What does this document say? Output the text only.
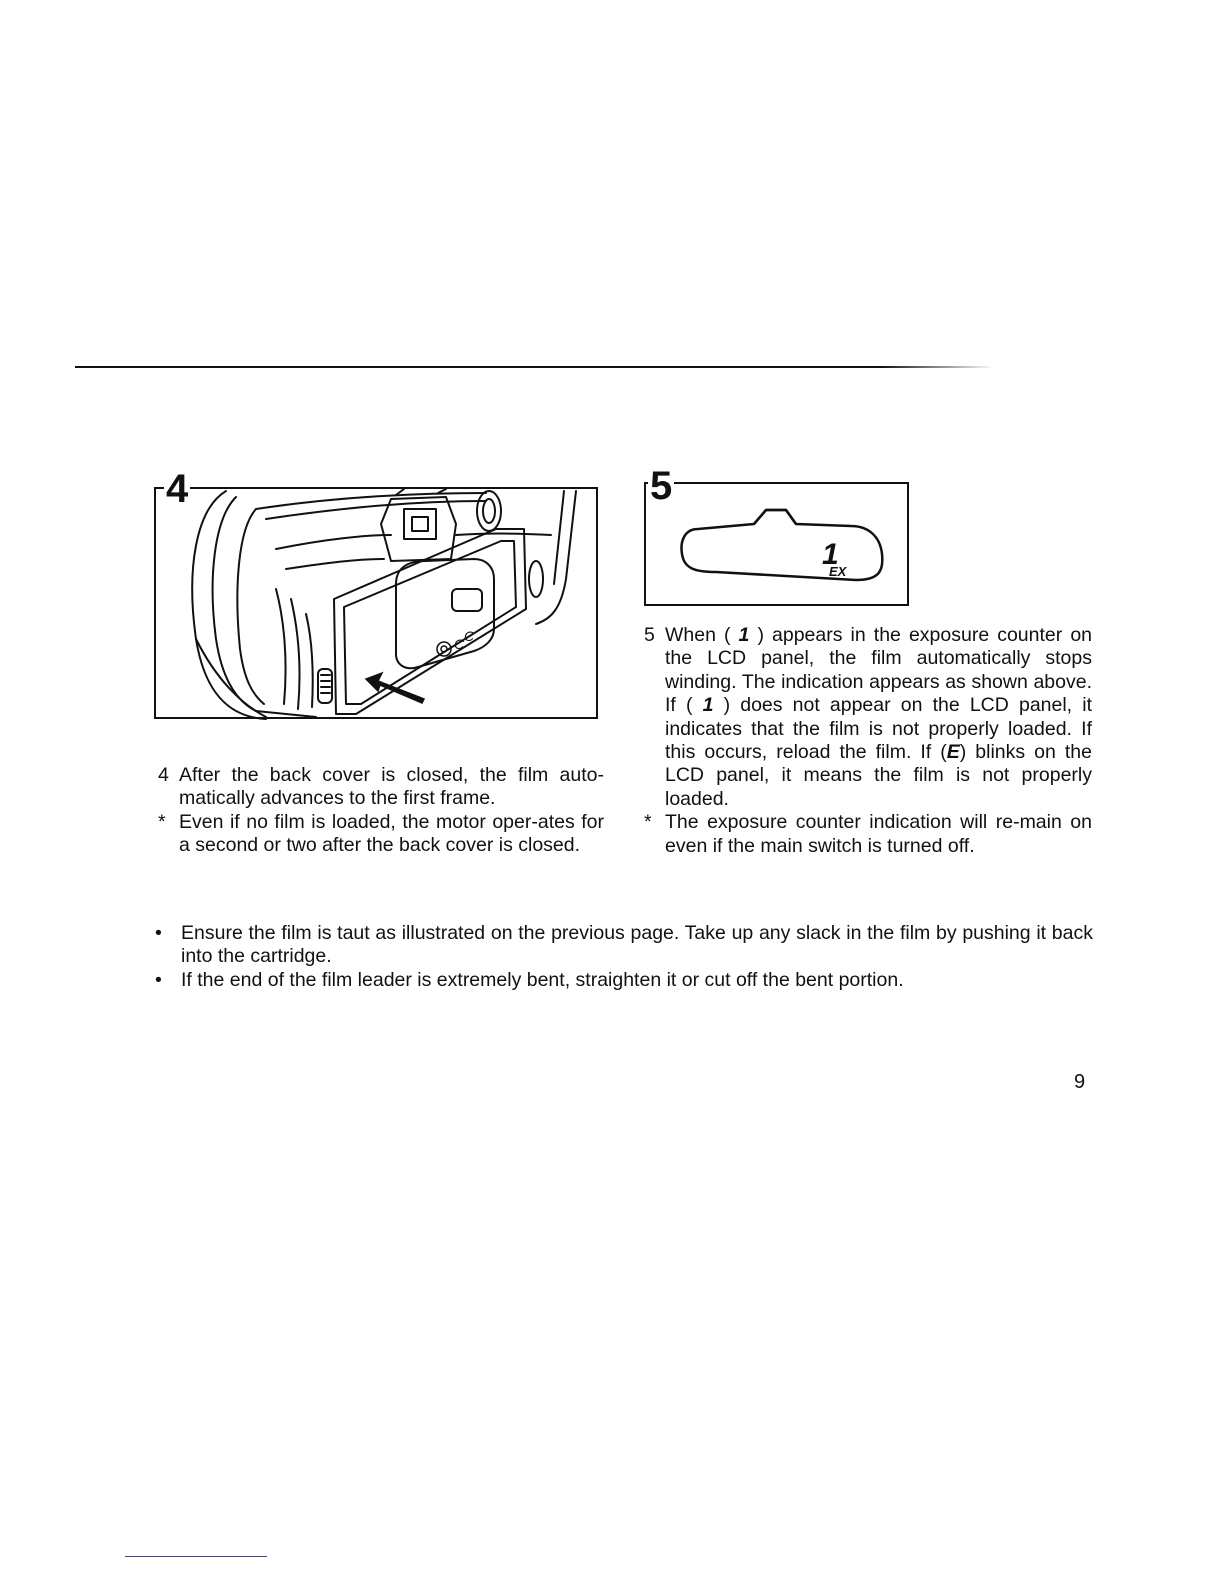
C C
4
1
EX
5
4 After the back cover is closed, the film auto-matically advances to the first frame.
* Even if no film is loaded, the motor oper-ates for a second or two after the back cover is closed.
5 When ( 1 ) appears in the exposure counter on the LCD panel, the film automatically stops winding. The indication appears as shown above. If ( 1 ) does not appear on the LCD panel, it indicates that the film is not properly loaded. If this occurs, reload the film. If (E) blinks on the LCD panel, it means the film is not properly loaded.
* The exposure counter indication will re-main on even if the main switch is turned off.
• Ensure the film is taut as illustrated on the previous page. Take up any slack in the film by pushing it back into the cartridge.
• If the end of the film leader is extremely bent, straighten it or cut off the bent portion.
9
